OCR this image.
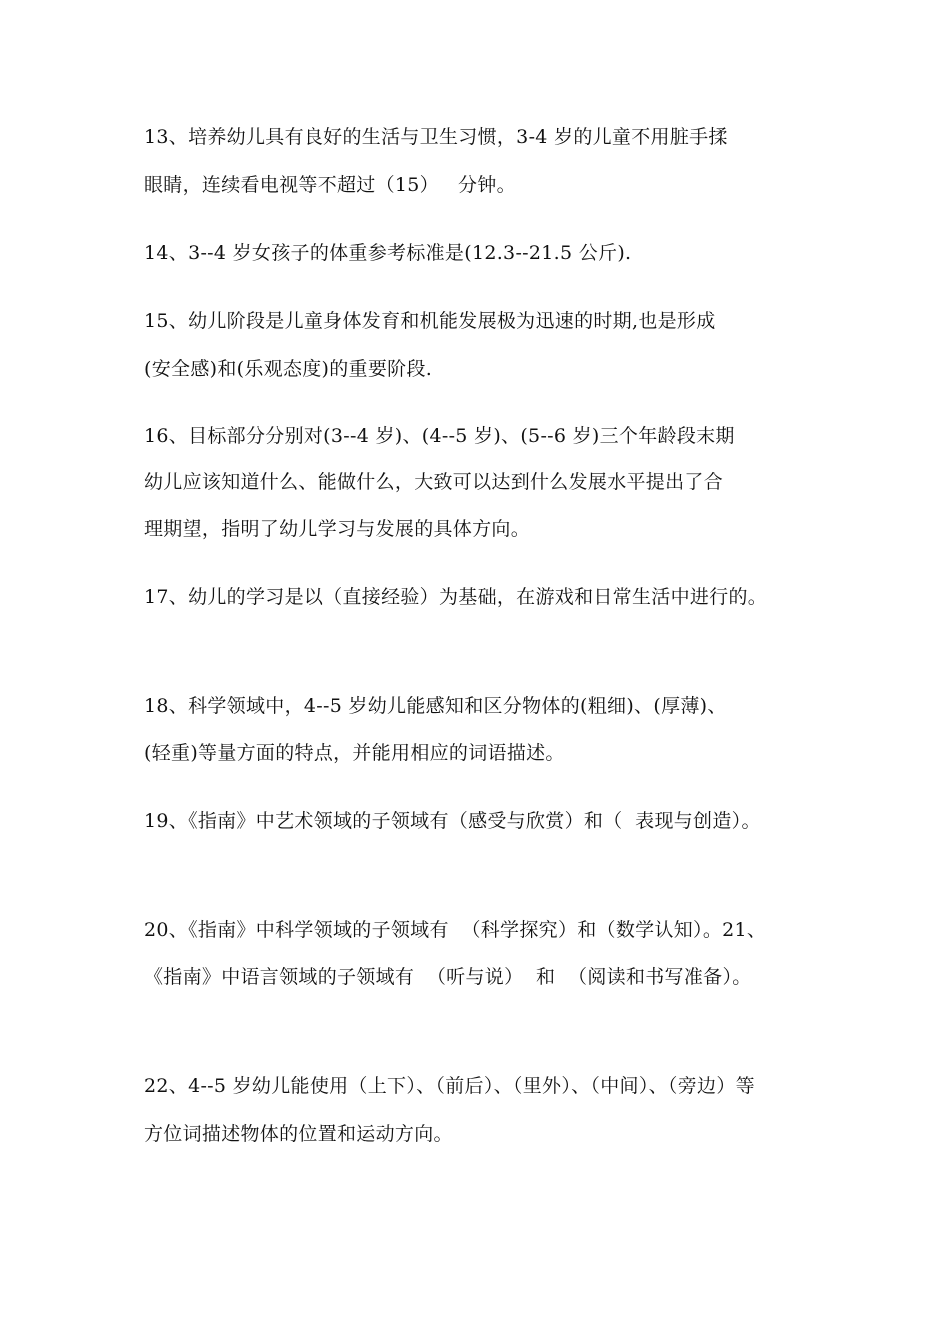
13、培养幼儿具有良好的生活与卫生习惯，3-4 岁的儿童不用脏手揉
眼睛，连续看电视等不超过（15）   分钟。
14、3--4 岁女孩子的体重参考标准是(12.3--21.5 公斤).
15、幼儿阶段是儿童身体发育和机能发展极为迅速的时期,也是形成
(安全感)和(乐观态度)的重要阶段.
16、目标部分分别对(3--4 岁)、(4--5 岁)、(5--6 岁)三个年龄段末期
幼儿应该知道什么、能做什么，大致可以达到什么发展水平提出了合
理期望，指明了幼儿学习与发展的具体方向。
17、幼儿的学习是以（直接经验）为基础，在游戏和日常生活中进行的。
18、科学领域中，4--5 岁幼儿能感知和区分物体的(粗细)、(厚薄)、
(轻重)等量方面的特点，并能用相应的词语描述。
19、《指南》中艺术领域的子领域有（感受与欣赏）和（  表现与创造）。
20、《指南》中科学领域的子领域有  （科学探究）和（数学认知）。21、
《指南》中语言领域的子领域有  （听与说）  和  （阅读和书写准备）。
22、4--5 岁幼儿能使用（上下）、（前后）、（里外）、（中间）、（旁边）等
方位词描述物体的位置和运动方向。
